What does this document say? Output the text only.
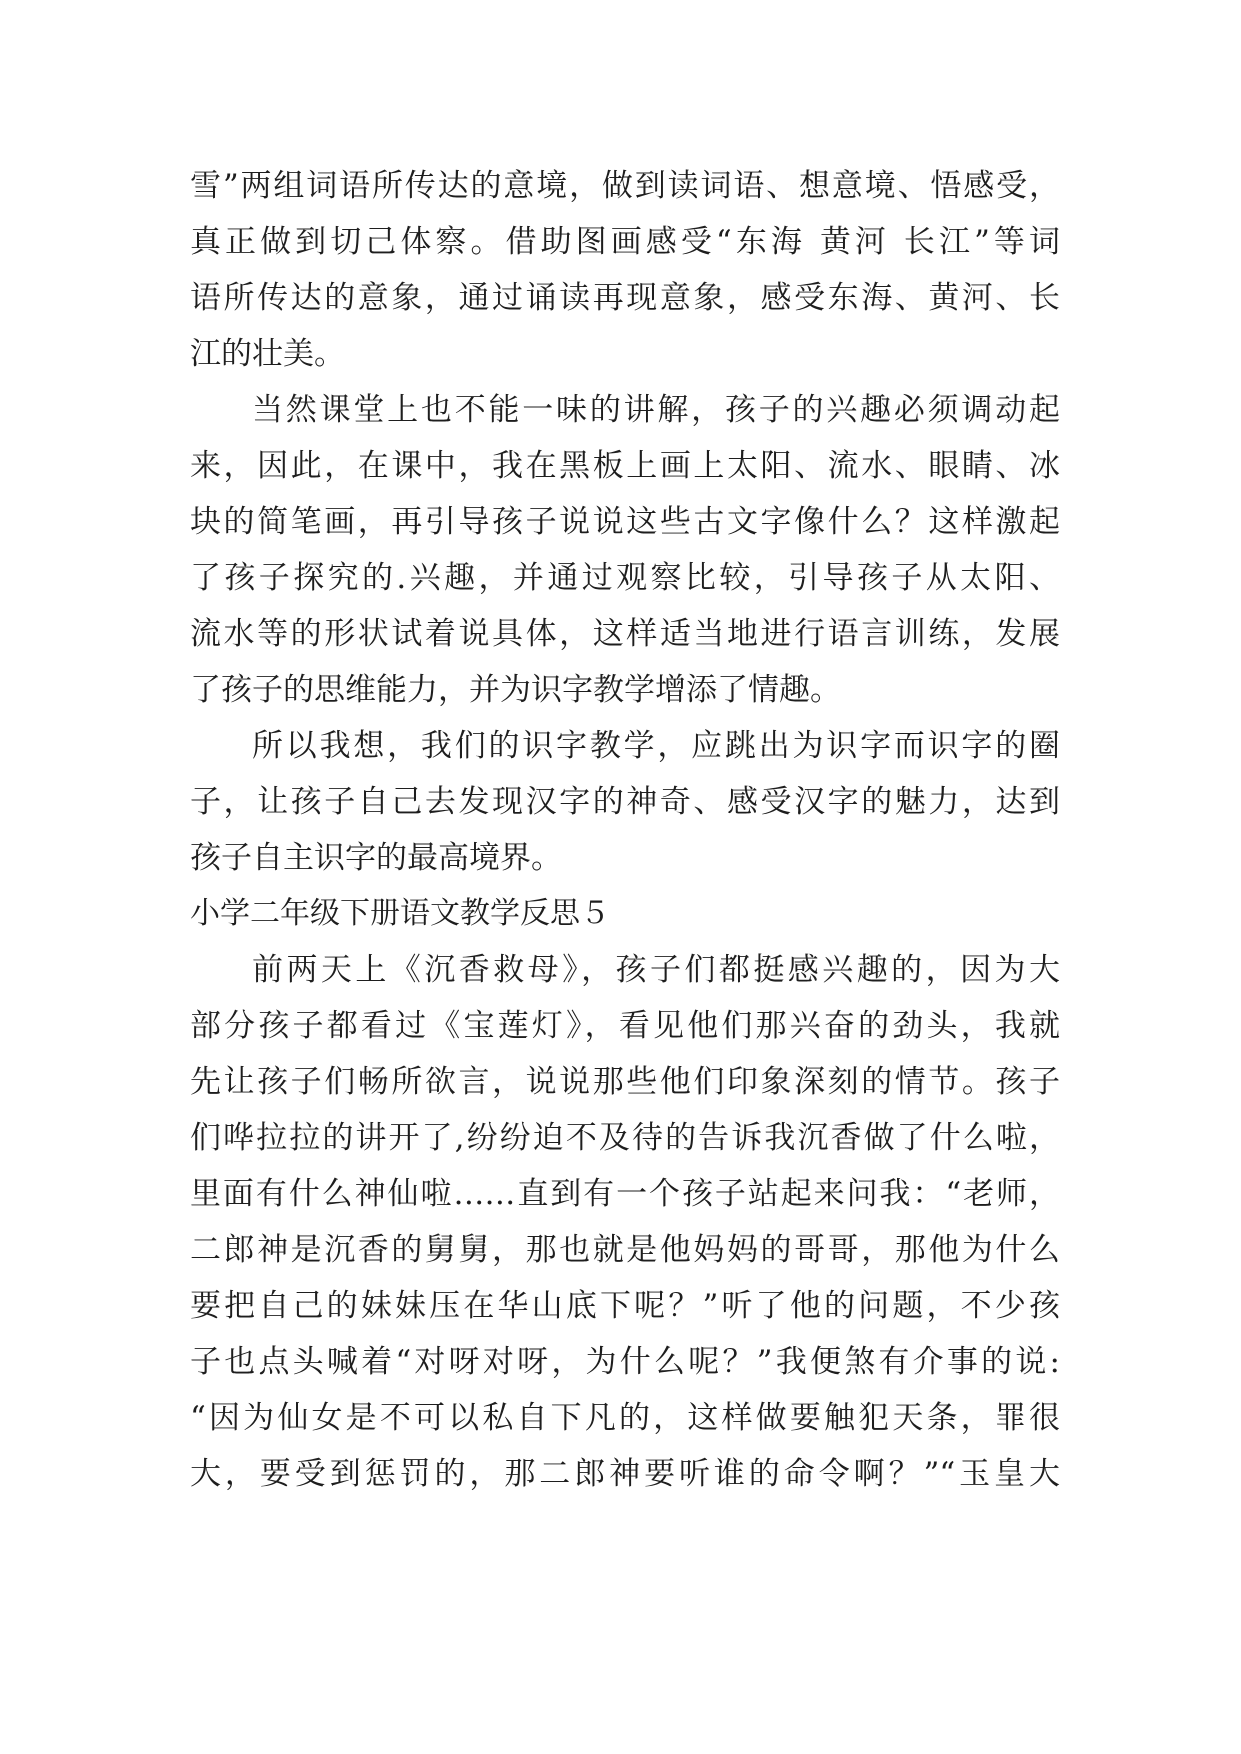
雪”两组词语所传达的意境，做到读词语、想意境、悟感受，
真正做到切己体察。借助图画感受“东海 黄河 长江”等词
语所传达的意象，通过诵读再现意象，感受东海、黄河、长
江的壮美。
当然课堂上也不能一味的讲解，孩子的兴趣必须调动起
来，因此，在课中，我在黑板上画上太阳、流水、眼睛、冰
块的简笔画，再引导孩子说说这些古文字像什么？这样激起
了孩子探究的.兴趣，并通过观察比较，引导孩子从太阳、
流水等的形状试着说具体，这样适当地进行语言训练，发展
了孩子的思维能力，并为识字教学增添了情趣。
所以我想，我们的识字教学，应跳出为识字而识字的圈
子，让孩子自己去发现汉字的神奇、感受汉字的魅力，达到
孩子自主识字的最高境界。
小学二年级下册语文教学反思５
前两天上《沉香救母》，孩子们都挺感兴趣的，因为大
部分孩子都看过《宝莲灯》，看见他们那兴奋的劲头，我就
先让孩子们畅所欲言，说说那些他们印象深刻的情节。孩子
们哗拉拉的讲开了,纷纷迫不及待的告诉我沉香做了什么啦，
里面有什么神仙啦……直到有一个孩子站起来问我：“老师，
二郎神是沉香的舅舅，那也就是他妈妈的哥哥，那他为什么
要把自己的妹妹压在华山底下呢？”听了他的问题，不少孩
子也点头喊着“对呀对呀，为什么呢？”我便煞有介事的说:
“因为仙女是不可以私自下凡的，这样做要触犯天条，罪很
大，要受到惩罚的，那二郎神要听谁的命令啊？”“玉皇大
